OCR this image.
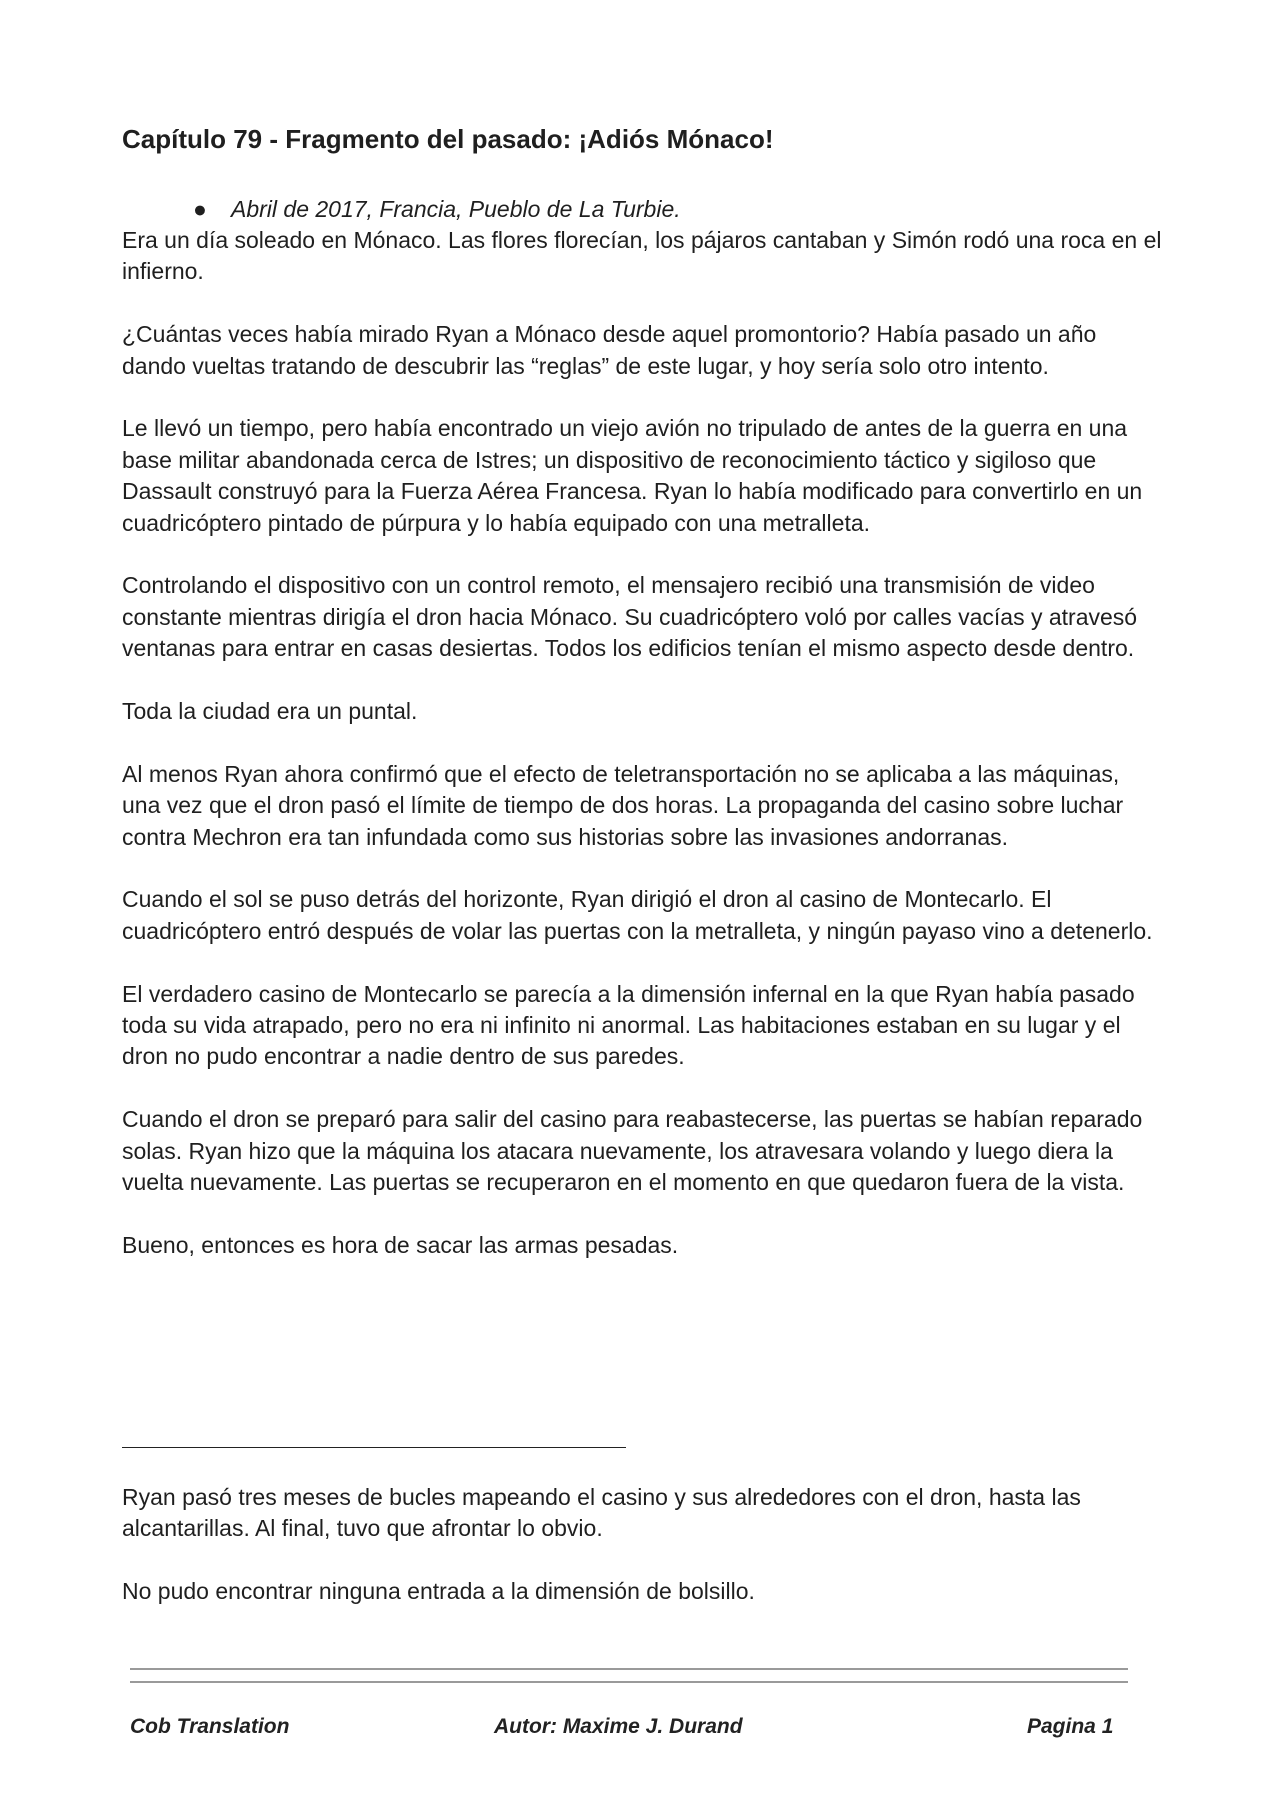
Capítulo 79 - Fragmento del pasado: ¡Adiós Mónaco!
● Abril de 2017, Francia, Pueblo de La Turbie.

Era un día soleado en Mónaco. Las flores florecían, los pájaros cantaban y Simón rodó una roca en el infierno.

¿Cuántas veces había mirado Ryan a Mónaco desde aquel promontorio? Había pasado un año dando vueltas tratando de descubrir las “reglas” de este lugar, y hoy sería solo otro intento.

Le llevó un tiempo, pero había encontrado un viejo avión no tripulado de antes de la guerra en una base militar abandonada cerca de Istres; un dispositivo de reconocimiento táctico y sigiloso que Dassault construyó para la Fuerza Aérea Francesa. Ryan lo había modificado para convertirlo en un cuadricóptero pintado de púrpura y lo había equipado con una metralleta.

Controlando el dispositivo con un control remoto, el mensajero recibió una transmisión de video constante mientras dirigía el dron hacia Mónaco. Su cuadricóptero voló por calles vacías y atravesó ventanas para entrar en casas desiertas. Todos los edificios tenían el mismo aspecto desde dentro.

Toda la ciudad era un puntal.

Al menos Ryan ahora confirmó que el efecto de teletransportación no se aplicaba a las máquinas, una vez que el dron pasó el límite de tiempo de dos horas. La propaganda del casino sobre luchar contra Mechron era tan infundada como sus historias sobre las invasiones andorranas.

Cuando el sol se puso detrás del horizonte, Ryan dirigió el dron al casino de Montecarlo. El cuadricóptero entró después de volar las puertas con la metralleta, y ningún payaso vino a detenerlo.

El verdadero casino de Montecarlo se parecía a la dimensión infernal en la que Ryan había pasado toda su vida atrapado, pero no era ni infinito ni anormal. Las habitaciones estaban en su lugar y el dron no pudo encontrar a nadie dentro de sus paredes.

Cuando el dron se preparó para salir del casino para reabastecerse, las puertas se habían reparado solas. Ryan hizo que la máquina los atacara nuevamente, los atravesara volando y luego diera la vuelta nuevamente. Las puertas se recuperaron en el momento en que quedaron fuera de la vista.

Bueno, entonces es hora de sacar las armas pesadas.

Ryan pasó tres meses de bucles mapeando el casino y sus alrededores con el dron, hasta las alcantarillas. Al final, tuvo que afrontar lo obvio.

No pudo encontrar ninguna entrada a la dimensión de bolsillo.

Cob Translation	Autor: Maxime J. Durand	Pagina 1
